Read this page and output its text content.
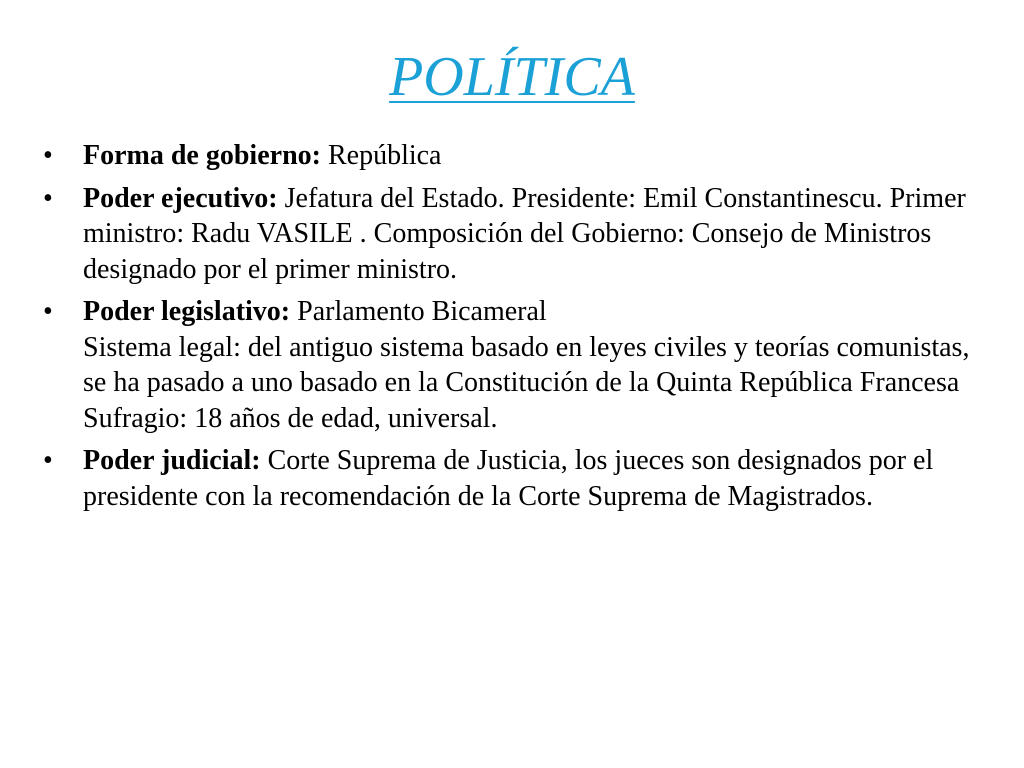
POLÍTICA
• Forma de gobierno: República
• Poder ejecutivo: Jefatura del Estado. Presidente: Emil Constantinescu. Primer ministro: Radu VASILE . Composición del Gobierno: Consejo de Ministros designado por el primer ministro.
• Poder legislativo: Parlamento Bicameral
Sistema legal: del antiguo sistema basado en leyes civiles y teorías comunistas, se ha pasado a uno basado en la Constitución de la Quinta República Francesa
Sufragio: 18 años de edad, universal.
• Poder judicial: Corte Suprema de Justicia, los jueces son designados por el presidente con la recomendación de la Corte Suprema de Magistrados.
